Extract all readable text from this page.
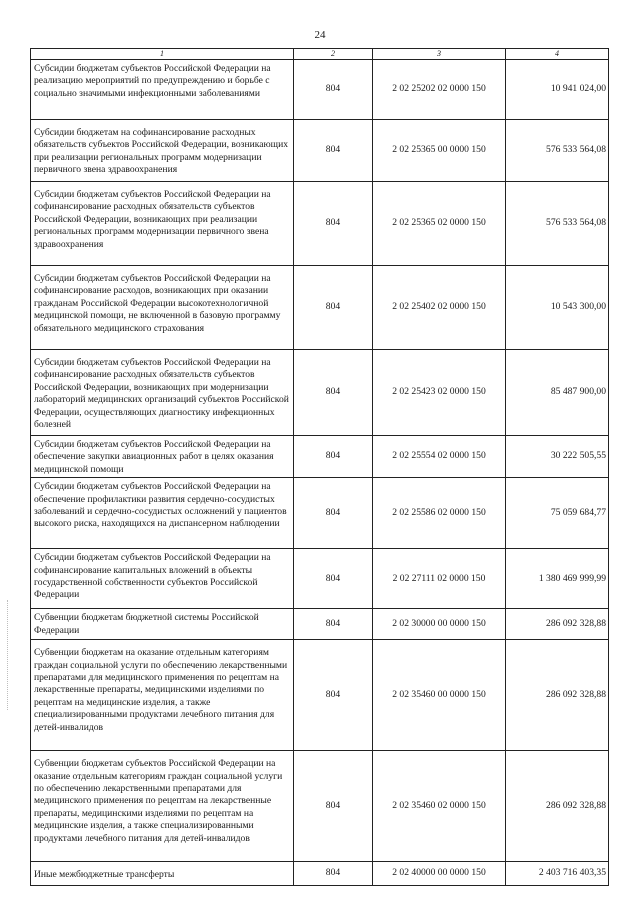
24
1	2	3	4
Субсидии бюджетам субъектов Российской Федерации на реализацию мероприятий по предупреждению и борьбе с социально значимыми инфекционными заболеваниями	804	2 02 25202 02 0000 150	10 941 024,00
Субсидии бюджетам на софинансирование расходных обязательств субъектов Российской Федерации, возникающих при реализации региональных программ модернизации первичного звена здравоохранения	804	2 02 25365 00 0000 150	576 533 564,08
Субсидии бюджетам субъектов Российской Федерации на софинансирование расходных обязательств субъектов Российской Федерации, возникающих при реализации региональных программ модернизации первичного звена здравоохранения	804	2 02 25365 02 0000 150	576 533 564,08
Субсидии бюджетам субъектов Российской Федерации на софинансирование расходов, возникающих при оказании гражданам Российской Федерации высокотехнологичной медицинской помощи, не включенной в базовую программу обязательного медицинского страхования	804	2 02 25402 02 0000 150	10 543 300,00
Субсидии бюджетам субъектов Российской Федерации на софинансирование расходных обязательств субъектов Российской Федерации, возникающих при модернизации лабораторий медицинских организаций субъектов Российской Федерации, осуществляющих диагностику инфекционных болезней	804	2 02 25423 02 0000 150	85 487 900,00
Субсидии бюджетам субъектов Российской Федерации на обеспечение закупки авиационных работ в целях оказания медицинской помощи	804	2 02 25554 02 0000 150	30 222 505,55
Субсидии бюджетам субъектов Российской Федерации на обеспечение профилактики развития сердечно-сосудистых заболеваний и сердечно-сосудистых осложнений у пациентов высокого риска, находящихся на диспансерном наблюдении	804	2 02 25586 02 0000 150	75 059 684,77
Субсидии бюджетам субъектов Российской Федерации на софинансирование капитальных вложений в объекты государственной собственности субъектов Российской Федерации	804	2 02 27111 02 0000 150	1 380 469 999,99
Субвенции бюджетам бюджетной системы Российской Федерации	804	2 02 30000 00 0000 150	286 092 328,88
Субвенции бюджетам на оказание отдельным категориям граждан социальной услуги по обеспечению лекарственными препаратами для медицинского применения по рецептам на лекарственные препараты, медицинскими изделиями по рецептам на медицинские изделия, а также специализированными продуктами лечебного питания для детей-инвалидов	804	2 02 35460 00 0000 150	286 092 328,88
Субвенции бюджетам субъектов Российской Федерации на оказание отдельным категориям граждан социальной услуги по обеспечению лекарственными препаратами для медицинского применения по рецептам на лекарственные препараты, медицинскими изделиями по рецептам на медицинские изделия, а также специализированными продуктами лечебного питания для детей-инвалидов	804	2 02 35460 02 0000 150	286 092 328,88
Иные межбюджетные трансферты	804	2 02 40000 00 0000 150	2 403 716 403,35
